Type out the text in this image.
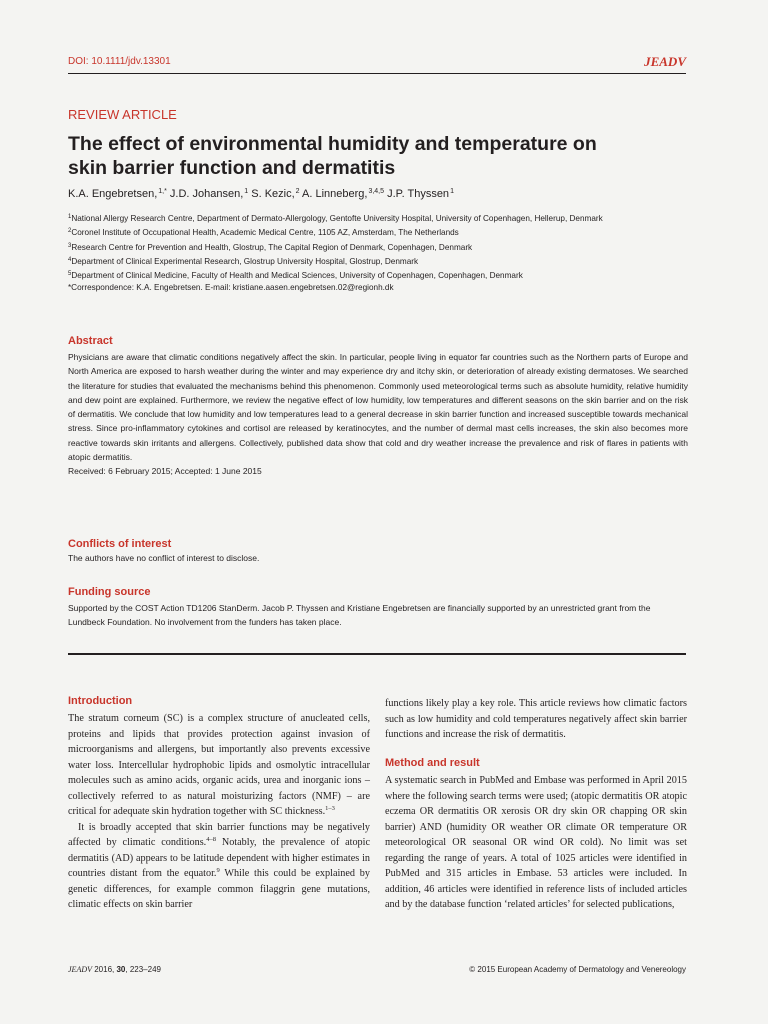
DOI: 10.1111/jdv.13301	JEADV
REVIEW ARTICLE
The effect of environmental humidity and temperature on skin barrier function and dermatitis
K.A. Engebretsen,$^{1,*}$ J.D. Johansen,$^1$ S. Kezic,$^2$ A. Linneberg,$^{3,4,5}$ J.P. Thyssen$^1$

$^1$National Allergy Research Centre, Department of Dermato-Allergology, Gentofte University Hospital, University of Copenhagen, Hellerup, Denmark

$^2$Coronel Institute of Occupational Health, Academic Medical Centre, 1105 AZ, Amsterdam, The Netherlands

$^3$Research Centre for Prevention and Health, Glostrup, The Capital Region of Denmark, Copenhagen, Denmark

$^4$Department of Clinical Experimental Research, Glostrup University Hospital, Glostrup, Denmark

$^5$Department of Clinical Medicine, Faculty of Health and Medical Sciences, University of Copenhagen, Copenhagen, Denmark

*Correspondence: K.A. Engebretsen. E-mail: kristiane.aasen.engebretsen.02@regionh.dk

Abstract

Physicians are aware that climatic conditions negatively affect the skin. In particular, people living in equator far countries such as the Northern parts of Europe and North America are exposed to harsh weather during the winter and may experience dry and itchy skin, or deterioration of already existing dermatoses. We searched the literature for studies that evaluated the mechanisms behind this phenomenon. Commonly used meteorological terms such as absolute humidity, relative humidity and dew point are explained. Furthermore, we review the negative effect of low humidity, low temperatures and different seasons on the skin barrier and on the risk of dermatitis. We conclude that low humidity and low temperatures lead to a general decrease in skin barrier function and increased susceptible towards mechanical stress. Since pro-inflammatory cytokines and cortisol are released by keratinocytes, and the number of dermal mast cells increases, the skin also becomes more reactive towards skin irritants and allergens. Collectively, published data show that cold and dry weather increase the prevalence and risk of flares in patients with atopic dermatitis.

Received: 6 February 2015; Accepted: 1 June 2015

Conflicts of interest
The authors have no conflict of interest to disclose.
Funding source
Supported by the COST Action TD1206 StanDerm. Jacob P. Thyssen and Kristiane Engebretsen are financially supported by an unrestricted grant from the Lundbeck Foundation. No involvement from the funders has taken place.
Introduction

The stratum corneum (SC) is a complex structure of anucleated cells, proteins and lipids that provides protection against invasion of microorganisms and allergens, but importantly also prevents excessive water loss. Intercellular hydrophobic lipids and osmolytic intracellular molecules such as amino acids, organic acids, urea and inorganic ions – collectively referred to as natural moisturizing factors (NMF) – are critical for adequate skin hydration together with SC thickness.$^{1-3}$

It is broadly accepted that skin barrier functions may be negatively affected by climatic conditions.$^{4-8}$ Notably, the prevalence of atopic dermatitis (AD) appears to be latitude dependent with higher estimates in countries distant from the equator.$^9$ While this could be explained by genetic differences, for example common filaggrin gene mutations, climatic effects on skin barrier

functions likely play a key role. This article reviews how climatic factors such as low humidity and cold temperatures negatively affect skin barrier functions and increase the risk of dermatitis.

Method and result

A systematic search in PubMed and Embase was performed in April 2015 where the following search terms were used; (atopic dermatitis OR atopic eczema OR dermatitis OR xerosis OR dry skin OR chapping OR skin barrier) AND (humidity OR weather OR climate OR temperature OR meteorological OR seasonal OR wind OR cold). No limit was set regarding the range of years. A total of 1025 articles were identified in PubMed and 315 articles in Embase. 53 articles were included. In addition, 46 articles were identified in reference lists of included articles and by the database function ‘related articles’ for selected publications,

JEADV 2016, 30, 223–249	© 2015 European Academy of Dermatology and Venereology
